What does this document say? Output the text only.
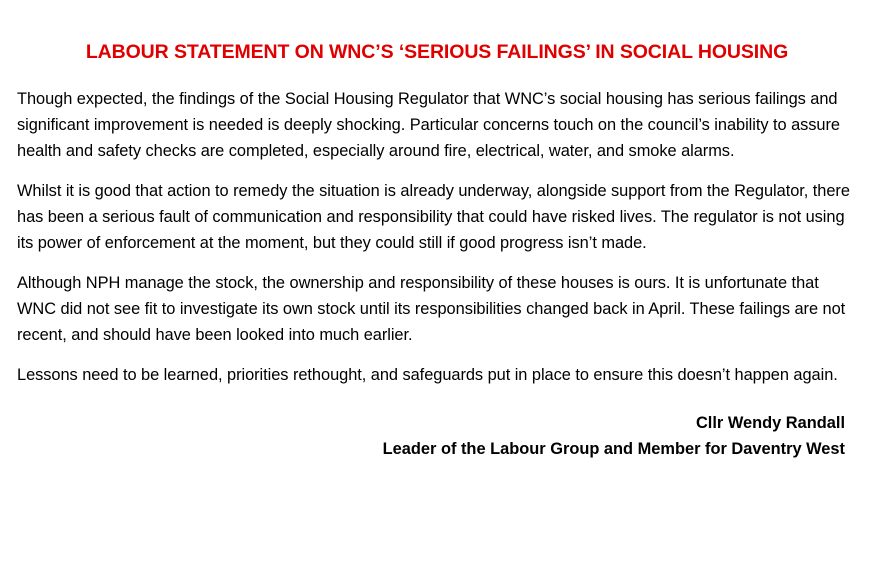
LABOUR STATEMENT ON WNC’S ‘SERIOUS FAILINGS’ IN SOCIAL HOUSING

Though expected, the findings of the Social Housing Regulator that WNC’s social housing has serious failings and significant improvement is needed is deeply shocking. Particular concerns touch on the council’s inability to assure health and safety checks are completed, especially around fire, electrical, water, and smoke alarms.

Whilst it is good that action to remedy the situation is already underway, alongside support from the Regulator, there has been a serious fault of communication and responsibility that could have risked lives. The regulator is not using its power of enforcement at the moment, but they could still if good progress isn’t made.

Although NPH manage the stock, the ownership and responsibility of these houses is ours. It is unfortunate that WNC did not see fit to investigate its own stock until its responsibilities changed back in April. These failings are not recent, and should have been looked into much earlier.

Lessons need to be learned, priorities rethought, and safeguards put in place to ensure this doesn’t happen again.

Cllr Wendy Randall
Leader of the Labour Group and Member for Daventry West
